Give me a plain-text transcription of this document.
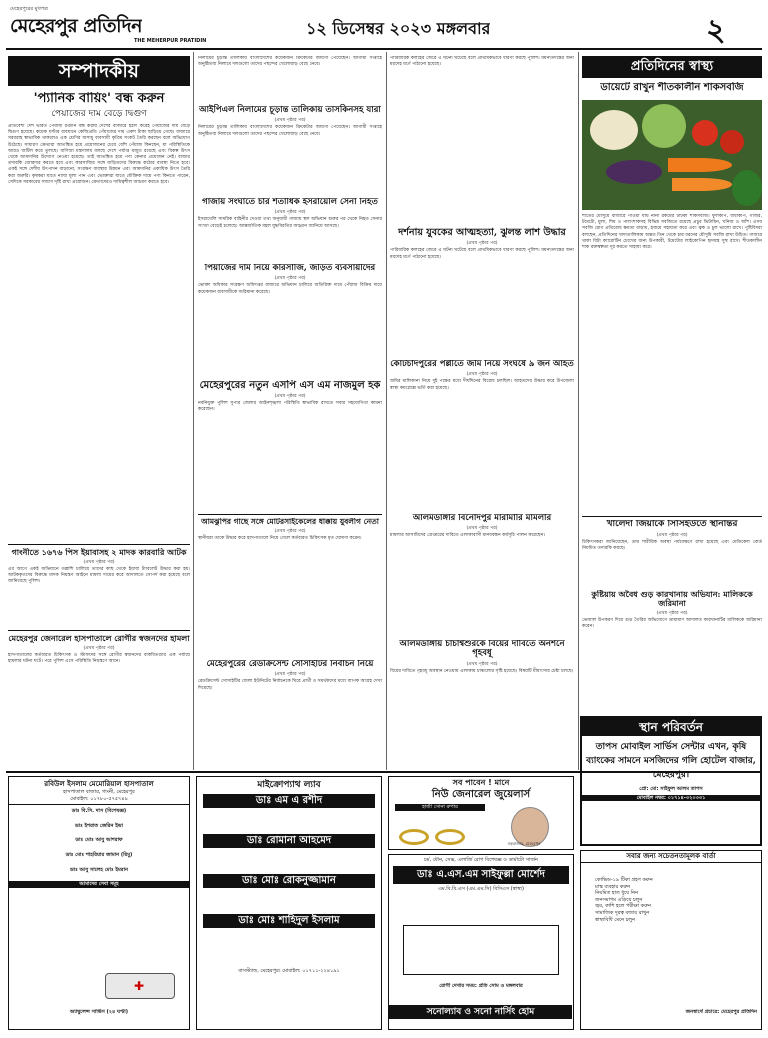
মেহেরপুরের মুখপত্র
মেহেরপুর প্রতিদিন
THE MEHERPUR PRATIDIN
১২ ডিসেম্বর ২০২৩ মঙ্গলবার	২
সম্পাদকীয়
'প্যানিক বায়িং' বন্ধ করুন
পেঁয়াজের দাম বেড়ে দ্বিগুণ
প্রতিবেশী দেশ ভারত পেঁয়াজ রপ্তানি বন্ধ করায় দেশের বাজারে হঠাৎ করেই পেঁয়াজের দাম বেড়ে দ্বিগুণ হয়েছে। কয়েক ঘণ্টার ব্যবধানে কেজিপ্রতি পেঁয়াজের দাম একশ টাকা ছাড়িয়ে গেছে। বাজারে সরবরাহ স্বাভাবিক থাকলেও এক শ্রেণির অসাধু ব্যবসায়ী কৃত্রিম সংকট তৈরি করছেন বলে অভিযোগ উঠেছে। সাধারণ ক্রেতারা আতঙ্কিত হয়ে প্রয়োজনের চেয়ে বেশি পেঁয়াজ কিনছেন, যা পরিস্থিতিকে আরও জটিল করে তুলছে। বাণিজ্য মন্ত্রণালয় বলছে দেশে পর্যাপ্ত মজুত রয়েছে এবং বিকল্প উৎস থেকে আমদানির উদ্যোগ নেওয়া হয়েছে। তাই আতঙ্কিত হয়ে পণ্য কেনার প্রয়োজন নেই। বাজার তদারকি জোরদার করতে হবে এবং কারসাজির সঙ্গে জড়িতদের বিরুদ্ধে কঠোর ব্যবস্থা নিতে হবে। একই সঙ্গে দেশীয় উৎপাদন বাড়ানো, সংরক্ষণ ব্যবস্থার উন্নয়ন এবং আমদানির একাধিক উৎস তৈরি করা জরুরি। কৃষকরা যাতে ন্যায্য মূল্য পান এবং ভোক্তারা যাতে যৌক্তিক দামে পণ্য কিনতে পারেন, সেদিকে সরকারের সজাগ দৃষ্টি রাখা প্রয়োজন। ক্রেতাদেরও দায়িত্বশীল আচরণ করতে হবে।
গাংনীতে ১৬৭৬ পিস ইয়াবাসহ ২ মাদক কারবারি আটক
(প্রথম পৃষ্ঠার পর)
এর আগে একই অভিযানে তল্লাশি চালিয়ে তাদের কাছ থেকে ইয়াবা ট্যাবলেট উদ্ধার করা হয়। আটককৃতদের বিরুদ্ধে মাদক নিয়ন্ত্রণ আইনে মামলা দায়ের করে আদালতে সোপর্দ করা হয়েছে বলে জানিয়েছে পুলিশ।
মেহেরপুর জেনারেল হাসপাতালে রোগীর স্বজনদের হামলা
(প্রথম পৃষ্ঠার পর)
হাসপাতালের কর্তব্যরত চিকিৎসক ও স্টাফদের সঙ্গে রোগীর স্বজনদের বাকবিতণ্ডার এক পর্যায়ে হামলার ঘটনা ঘটে। পরে পুলিশ এসে পরিস্থিতি নিয়ন্ত্রণে আনে।
নিলামের চূড়ান্ত তালিকায় বাংলাদেশের কয়েকজন ক্রিকেটার জায়গা পেয়েছেন। আগামী সপ্তাহে অনুষ্ঠিতব্য নিলামে দলগুলো তাদের পছন্দের খেলোয়াড় বেছে নেবে।
আইপিএল নিলামের চূড়ান্ত তালিকায় তাসকিনসহ যারা
(প্রথম পৃষ্ঠার পর)
নিলামের চূড়ান্ত তালিকায় বাংলাদেশের কয়েকজন ক্রিকেটার জায়গা পেয়েছেন। আগামী সপ্তাহে অনুষ্ঠিতব্য নিলামে দলগুলো তাদের পছন্দের খেলোয়াড় বেছে নেবে।
গাজায় সংঘাতে চার শতাধিক ইসরায়েলি সেনা নিহত
(প্রথম পৃষ্ঠার পর)
ইসরায়েলি সামরিক বাহিনীর দেওয়া তথ্য অনুযায়ী গাজায় স্থল অভিযান শুরুর পর থেকে নিহত সেনার সংখ্যা বেড়েই চলেছে। আন্তর্জাতিক মহল যুদ্ধবিরতির আহ্বান জানিয়ে আসছে।
পিঁয়াজের দাম নিয়ে কারসাজি, জড়িত ব্যবসায়ীদের
(প্রথম পৃষ্ঠার পর)
ভোক্তা অধিকার সংরক্ষণ অধিদপ্তর বাজারে অভিযান চালিয়ে অতিরিক্ত দামে পেঁয়াজ বিক্রির দায়ে কয়েকজন ব্যবসায়ীকে জরিমানা করেছে।
মেহেরপুরের নতুন এসপি এস এম নাজমুল হক
(প্রথম পৃষ্ঠার পর)
নবনিযুক্ত পুলিশ সুপার জেলার আইনশৃঙ্খলা পরিস্থিতি স্বাভাবিক রাখতে সবার সহযোগিতা কামনা করেছেন।
আমঝুপির গাছে সঙ্গে মোটরসাইকেলের ধাক্কায় যুবলীগ নেতা
(প্রথম পৃষ্ঠার পর)
স্থানীয়রা তাকে উদ্ধার করে হাসপাতালে নিয়ে গেলে কর্তব্যরত চিকিৎসক মৃত ঘোষণা করেন।
মেহেরপুরের রেডক্রিসেন্ট সোসাইটির নির্বাচন নিয়ে
(প্রথম পৃষ্ঠার পর)
রেডক্রিসেন্ট সোসাইটির জেলা ইউনিটের নির্বাচনকে ঘিরে প্রার্থী ও সমর্থকদের মধ্যে ব্যাপক আগ্রহ দেখা দিয়েছে।
পারিবারিক কলহের জেরে এ ঘটনা ঘটেছে বলে প্রাথমিকভাবে ধারণা করছে পুলিশ। ময়নাতদন্তের জন্য মরদেহ মর্গে পাঠানো হয়েছে।
দর্শনায় যুবকের আত্মহত্যা, ঝুলন্ত লাশ উদ্ধার
(প্রথম পৃষ্ঠার পর)
পারিবারিক কলহের জেরে এ ঘটনা ঘটেছে বলে প্রাথমিকভাবে ধারণা করছে পুলিশ। ময়নাতদন্তের জন্য মরদেহ মর্গে পাঠানো হয়েছে।
কোটচাঁদপুরের পল্লীতে জমি নিয়ে সংঘর্ষে ৯ জন আহত
(প্রথম পৃষ্ঠার পর)
জমির মালিকানা নিয়ে দুই পক্ষের মধ্যে দীর্ঘদিনের বিরোধ চলছিল। আহতদের উদ্ধার করে উপজেলা স্বাস্থ্য কমপ্লেক্সে ভর্তি করা হয়েছে।
আলমডাঙ্গার বিনোদপুর মারামারি মামলার
(প্রথম পৃষ্ঠার পর)
মামলার আসামিদের গ্রেপ্তারের দাবিতে এলাকাবাসী মানববন্ধন কর্মসূচি পালন করেছেন।
আলমডাঙ্গায় চাচাশ্বশুরকে বিয়ের দাবিতে অনশনে গৃহবধূ
(প্রথম পৃষ্ঠার পর)
বিয়ের দাবিতে গৃহবধূ অবস্থান নেওয়ায় এলাকায় চাঞ্চল্যের সৃষ্টি হয়েছে। বিষয়টি মীমাংসার চেষ্টা চলছে।
প্রতিদিনের স্বাস্থ্য
ডায়েটে রাখুন শীতকালীন শাকসবজি
শীতের মৌসুমে বাজারে পাওয়া যায় নানা রকমের টাটকা শাকসবজি। ফুলকপি, বাঁধাকপি, গাজর, টমেটো, মুলা, শিম ও পালংশাকসহ বিভিন্ন সবজিতে রয়েছে প্রচুর ভিটামিন, খনিজ ও আঁশ। এসব সবজি রোগ প্রতিরোধ ক্ষমতা বাড়ায়, হজমে সহায়তা করে এবং ত্বক ও চুল ভালো রাখে। পুষ্টিবিদরা বলছেন, প্রতিদিনের খাদ্যতালিকায় অন্তত তিন থেকে চার ধরনের মৌসুমি সবজি রাখা উচিত। গাজরে থাকা বিটা ক্যারোটিন চোখের জন্য উপকারী, টমেটোর লাইকোপিন হৃদযন্ত্র সুস্থ রাখে। শীতকালীন শাক রক্তস্বল্পতা দূর করতে সাহায্য করে।
খালেদা জিয়াকে সিসিইউতে স্থানান্তর
(প্রথম পৃষ্ঠার পর)
চিকিৎসকরা জানিয়েছেন, তার শারীরিক অবস্থা পর্যবেক্ষণে রাখা হয়েছে এবং মেডিকেল বোর্ড নিয়মিত তদারকি করছে।
কুষ্টিয়ায় অবৈধ গুড় কারখানায় অভিযান: মালিককে জরিমানা
(প্রথম পৃষ্ঠার পর)
ভেজাল উপকরণ দিয়ে গুড় তৈরির অভিযোগে ভ্রাম্যমাণ আদালত কারখানাটির মালিককে জরিমানা করেন।
রবিউল ইসলাম মেমোরিয়াল হাসপাতাল
হাসপাতাল বাজার, গাংনী, মেহেরপুর
মোবাইল: ০১৭৮০-৫৭৫৭৪৯
ডাঃ বি.সি. দাস (বিশেষজ্ঞ)
ডাঃ ইশরাত জেরিন ইভা
ডাঃ মোঃ আবু আশরাফ
ডাঃ মোঃ শাহরিয়ার জামান (রিমু)
ডাঃ আবু সালেহ মোঃ ইমরান
আমাদের সেবা সমূহ
✚
অ্যাম্বুলেন্স সার্ভিস (২৪ ঘণ্টা)
মাইক্রোপ্যাথ ল্যাব
ডাঃ এম এ রশীদ
ডাঃ রোমানা আহমেদ
ডাঃ মোঃ রোকনুজ্জামান
ডাঃ মোঃ শাহিদুল ইসলাম
বাসস্ট্যান্ড, মেহেরপুর। মোবাইল: ০১৭১১-২২৪১৯১
সব পাবেন ! মানে
নিউ জেনারেল জুয়েলার্স
হাজী সোনা রুপার
বড়বাজার, মেহেরপুর
চর্ম, যৌন, সেক্স, এলার্জি রোগ বিশেষজ্ঞ ও ডার্মাটো সার্জন
ডাঃ এ.এস.এম সাইফুল্লা মোর্শেদ
এম.বি.বি.এস (এম.এম.সি) বিসিএস (স্বাস্থ্য)
রোগী দেখার সময়: প্রতি সোম ও মঙ্গলবার
সনোল্যাব ও সনো নার্সিং হোম
স্থান পরিবর্তন
তাপস মোবাইল সার্ভিস সেন্টার এখন, কৃষি ব্যাংকের সামনে মসজিদের গলি হোটেল বাজার, মেহেরপুর।
প্রো: মো: সাইফুল আলম তাপস
মোবাইল নম্বর: ০১৭১৪-৩২০৩৩১
সবার জন্য সচেতনতামূলক বার্তা
কোভিড-১৯ টিকা গ্রহণ করুন
মাস্ক ব্যবহার করুন
নিয়মিত হাত ধুয়ে নিন
জনসমাগম এড়িয়ে চলুন
জ্বর, কাশি হলে পরীক্ষা করুন
সামাজিক দূরত্ব বজায় রাখুন
স্বাস্থ্যবিধি মেনে চলুন
জনস্বার্থে প্রচারে: মেহেরপুর প্রতিদিন
